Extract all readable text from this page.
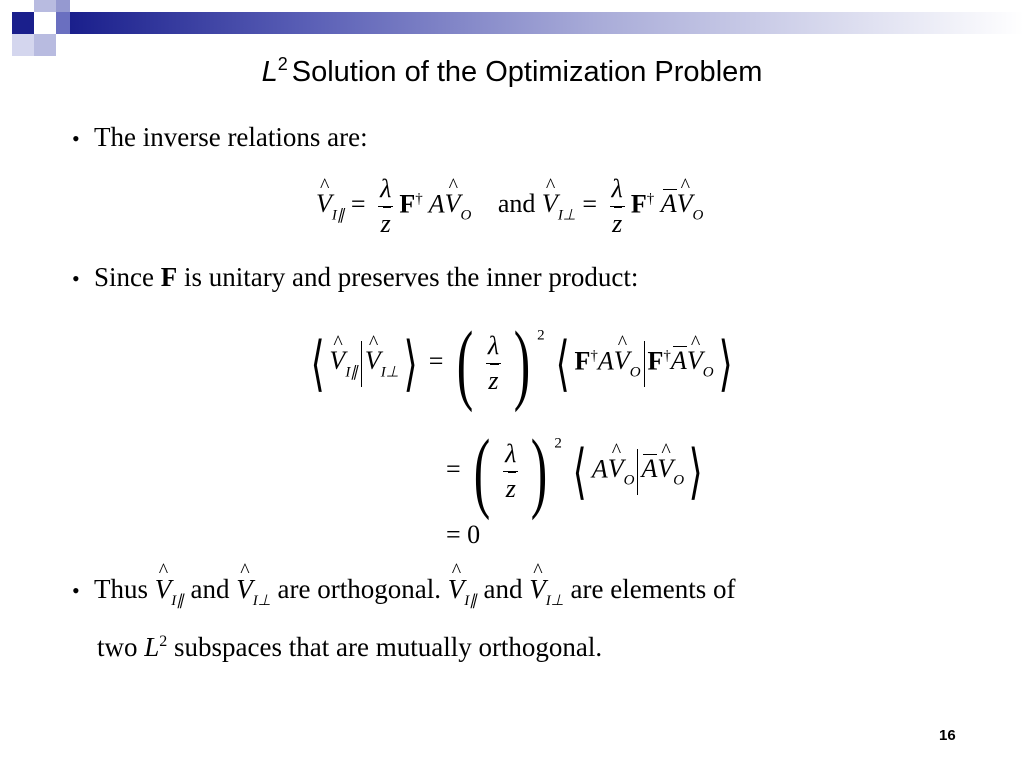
$L^2$ Solution of the Optimization Problem
• The inverse relations are:
^ $V_{I\parallel} = \frac{\lambda}{z} F^\dagger$ A^ $V_O$ and ^ $V_{I\perp} = \frac{\lambda}{z} F^\dagger$ A^ $V_O$
• Since F is unitary and preserves the inner product:
⟨^ $V_{I\parallel}\^{}$ $V_{I\perp}⟩$ = ( $\frac{\lambda}{z}$ ) $^2$ ⟨ F†A^ $V_O$ F†A^ $V_O⟩$
= ( $\frac{\lambda}{z}$ ) $^2$ ⟨ A^ $V_O$ A^ $V_O⟩$
= 0
• Thus ^ $V_{I\parallel}$ and ^ $V_{I\perp}$ are orthogonal. ^ $V_{I\parallel}$ and ^ $V_{I\perp}$ are elements of
two $L^2$ subspaces that are mutually orthogonal.
16
